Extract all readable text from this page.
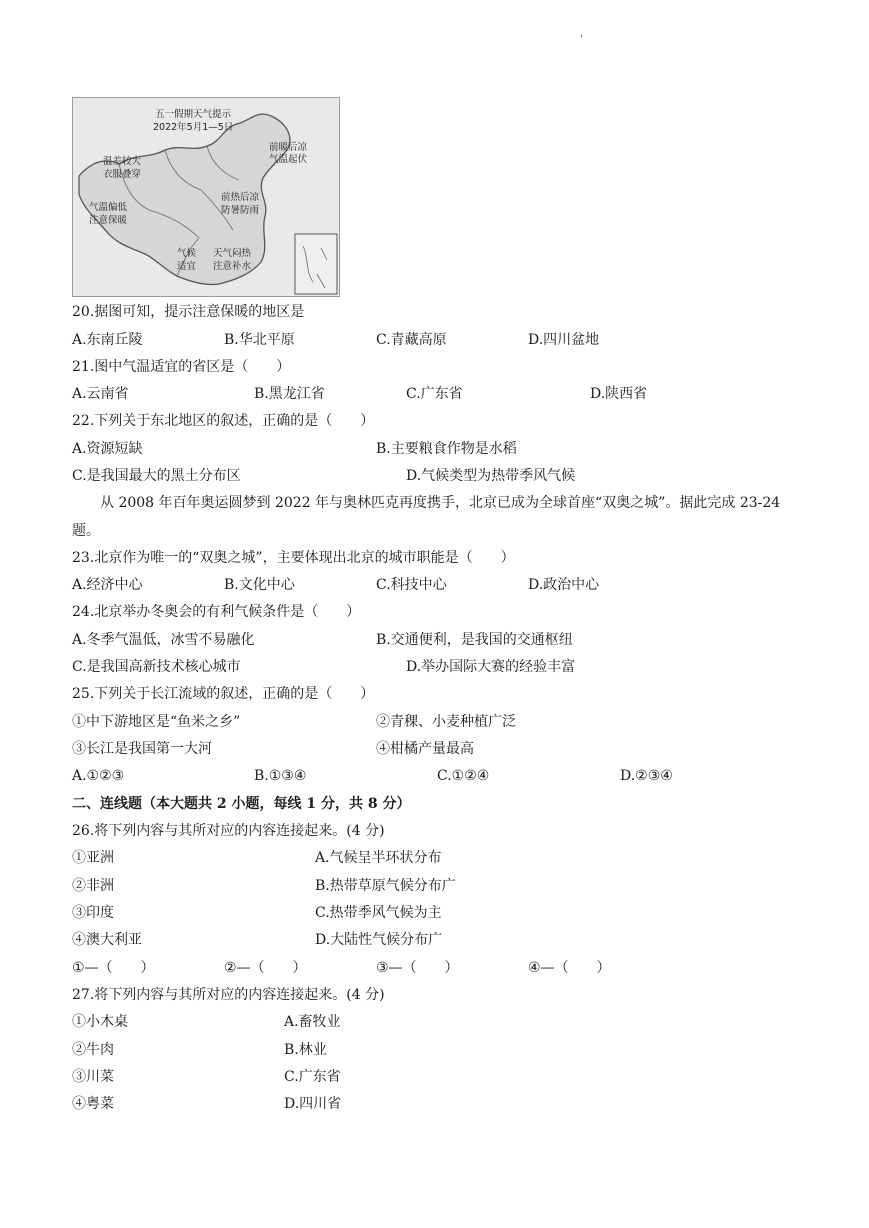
'
五一假期天气提示
2022年5月1—5日
前暖后凉
气温起伏
温差较大
衣服叠穿
前热后凉
防暑防雨
气温偏低
注意保暖
气候
适宜
天气闷热
注意补水
20.据图可知，提示注意保暖的地区是
A.东南丘陵	B.华北平原	C.青藏高原	D.四川盆地
21.图中气温适宜的省区是（　　）
A.云南省	B.黑龙江省	C.广东省	D.陕西省
22.下列关于东北地区的叙述，正确的是（　　）
A.资源短缺	B.主要粮食作物是水稻
C.是我国最大的黑土分布区	D.气候类型为热带季风气候
从 2008 年百年奥运圆梦到 2022 年与奥林匹克再度携手，北京已成为全球首座“双奥之城”。据此完成 23-24
题。
23.北京作为唯一的“双奥之城”，主要体现出北京的城市职能是（　　）
A.经济中心	B.文化中心	C.科技中心	D.政治中心
24.北京举办冬奥会的有利气候条件是（　　）
A.冬季气温低，冰雪不易融化	B.交通便利，是我国的交通枢纽
C.是我国高新技术核心城市	D.举办国际大赛的经验丰富
25.下列关于长江流域的叙述，正确的是（　　）
①中下游地区是“鱼米之乡”	②青稞、小麦种植广泛
③长江是我国第一大河	④柑橘产量最高
A.①②③	B.①③④	C.①②④	D.②③④
二、连线题（本大题共 2 小题，每线 1 分，共 8 分）
26.将下列内容与其所对应的内容连接起来。(4 分)
①亚洲	A.气候呈半环状分布
②非洲	B.热带草原气候分布广
③印度	C.热带季风气候为主
④澳大利亚	D.大陆性气候分布广
①—（　　）	②—（　　）	③—（　　）	④—（　　）
27.将下列内容与其所对应的内容连接起来。(4 分)
①小木桌	A.畜牧业
②牛肉	B.林业
③川菜	C.广东省
④粤菜	D.四川省
